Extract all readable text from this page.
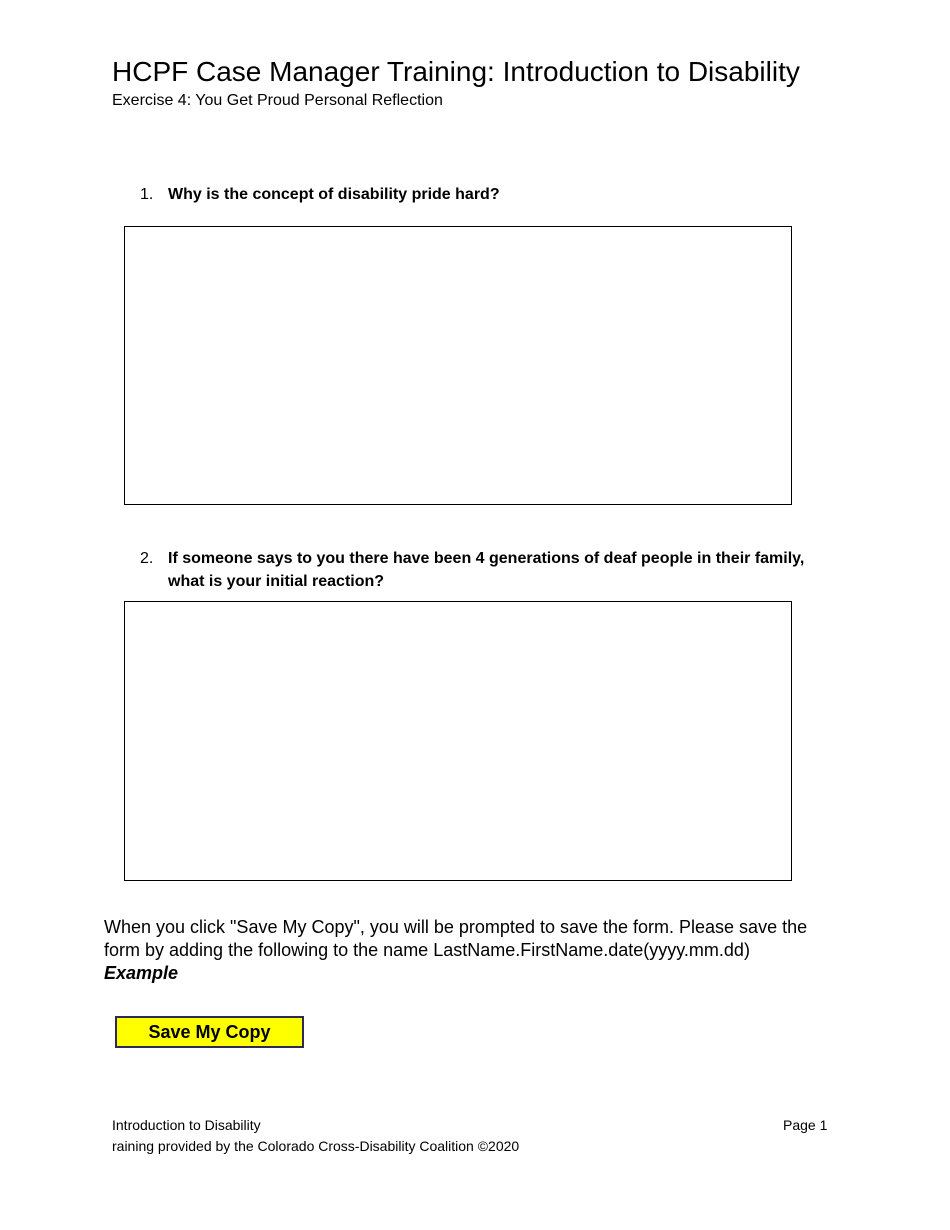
HCPF Case Manager Training: Introduction to Disability
Exercise 4: You Get Proud Personal Reflection
1. Why is the concept of disability pride hard?
2. If someone says to you there have been 4 generations of deaf people in their family, what is your initial reaction?
When you click "Save My Copy", you will be prompted to save the form. Please save the form by adding the following to the name LastName.FirstName.date(yyyy.mm.dd)
Example
Save My Copy
Introduction to Disability
raining provided by the Colorado Cross-Disability Coalition ©2020
Page 1
